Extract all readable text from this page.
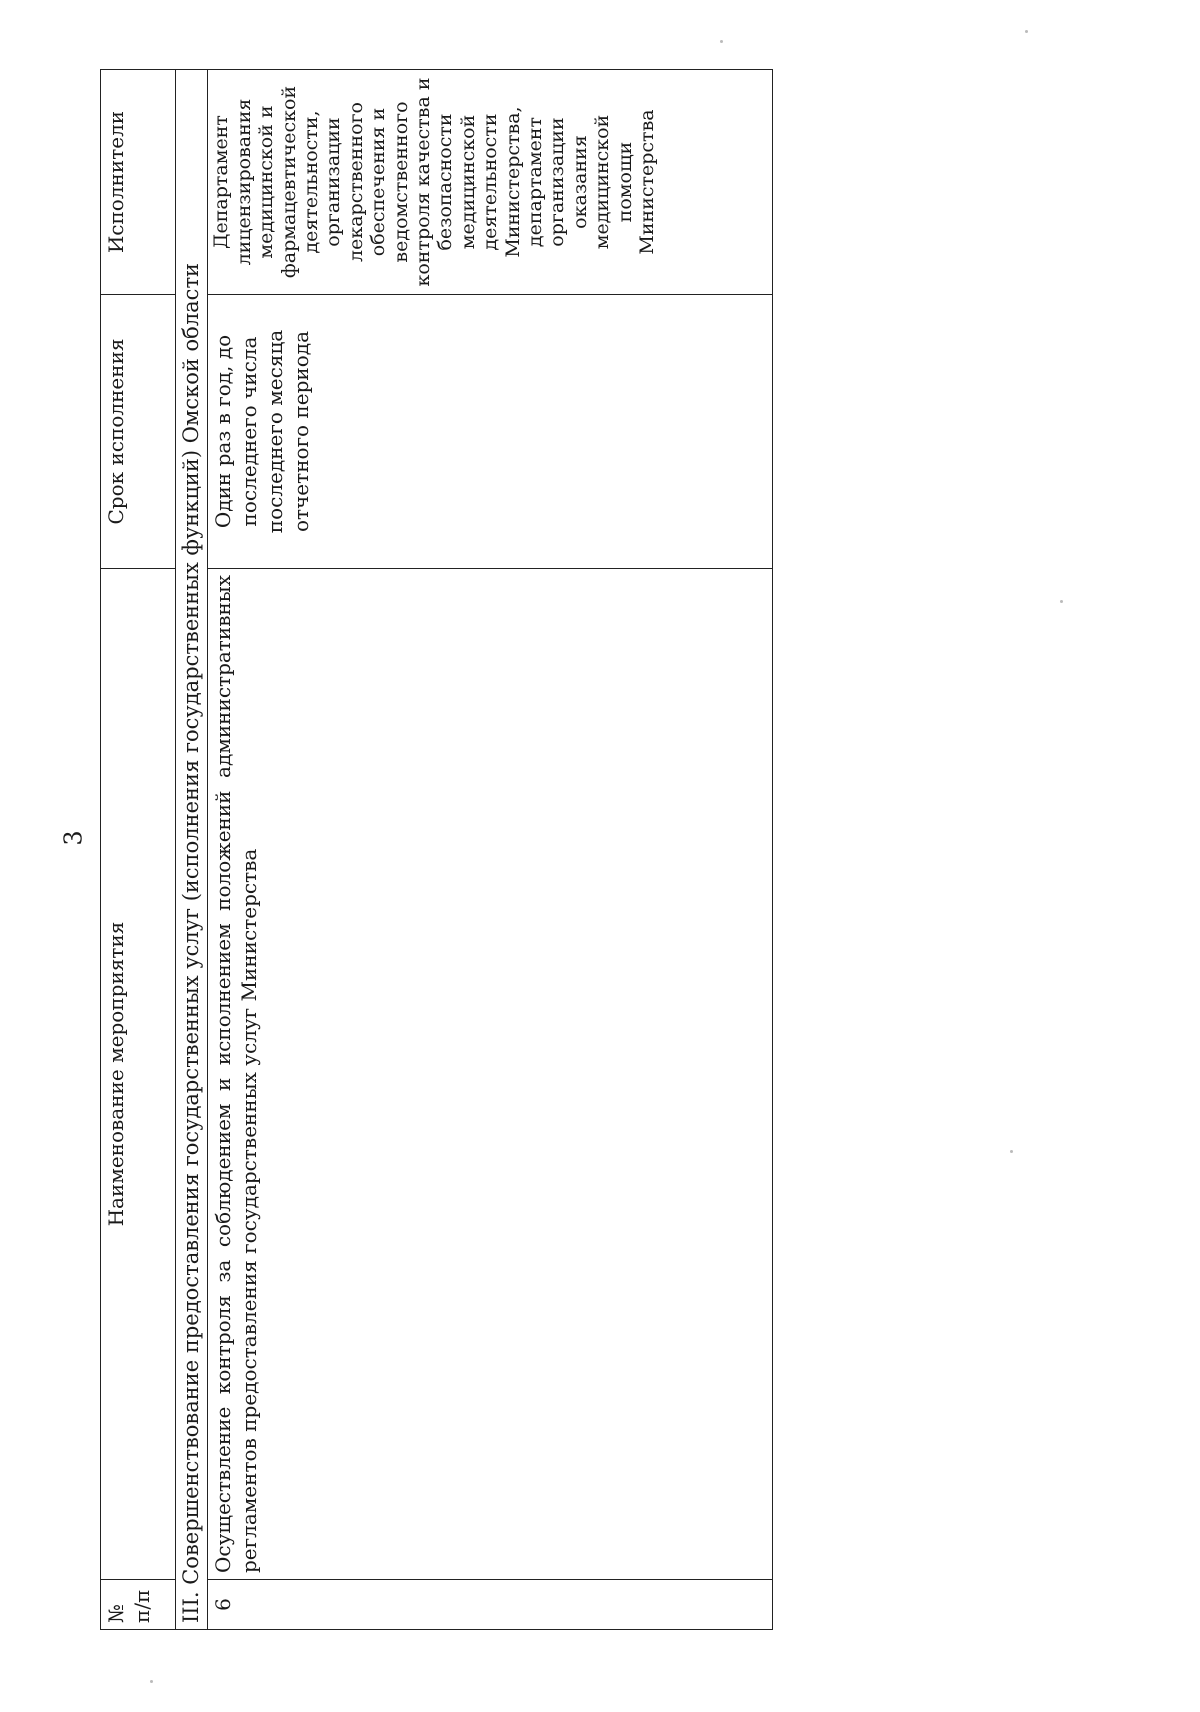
3
№ п/п	Наименование мероприятия	Срок исполнения	Исполнители
III. Совершенствование предоставления государственных услуг (исполнения государственных функций) Омской области			
6	Осуществление контроля за соблюдением и исполнением положений административных регламентов предоставления государственных услуг Министерства	Один раз в год, до последнего числа последнего месяца отчетного периода	Департамент лицензирования медицинской и фармацевтической деятельности, организации лекарственного обеспечения и ведомственного контроля качества и безопасности медицинской деятельности Министерства, департамент организации оказания медицинской помощи Министерства
